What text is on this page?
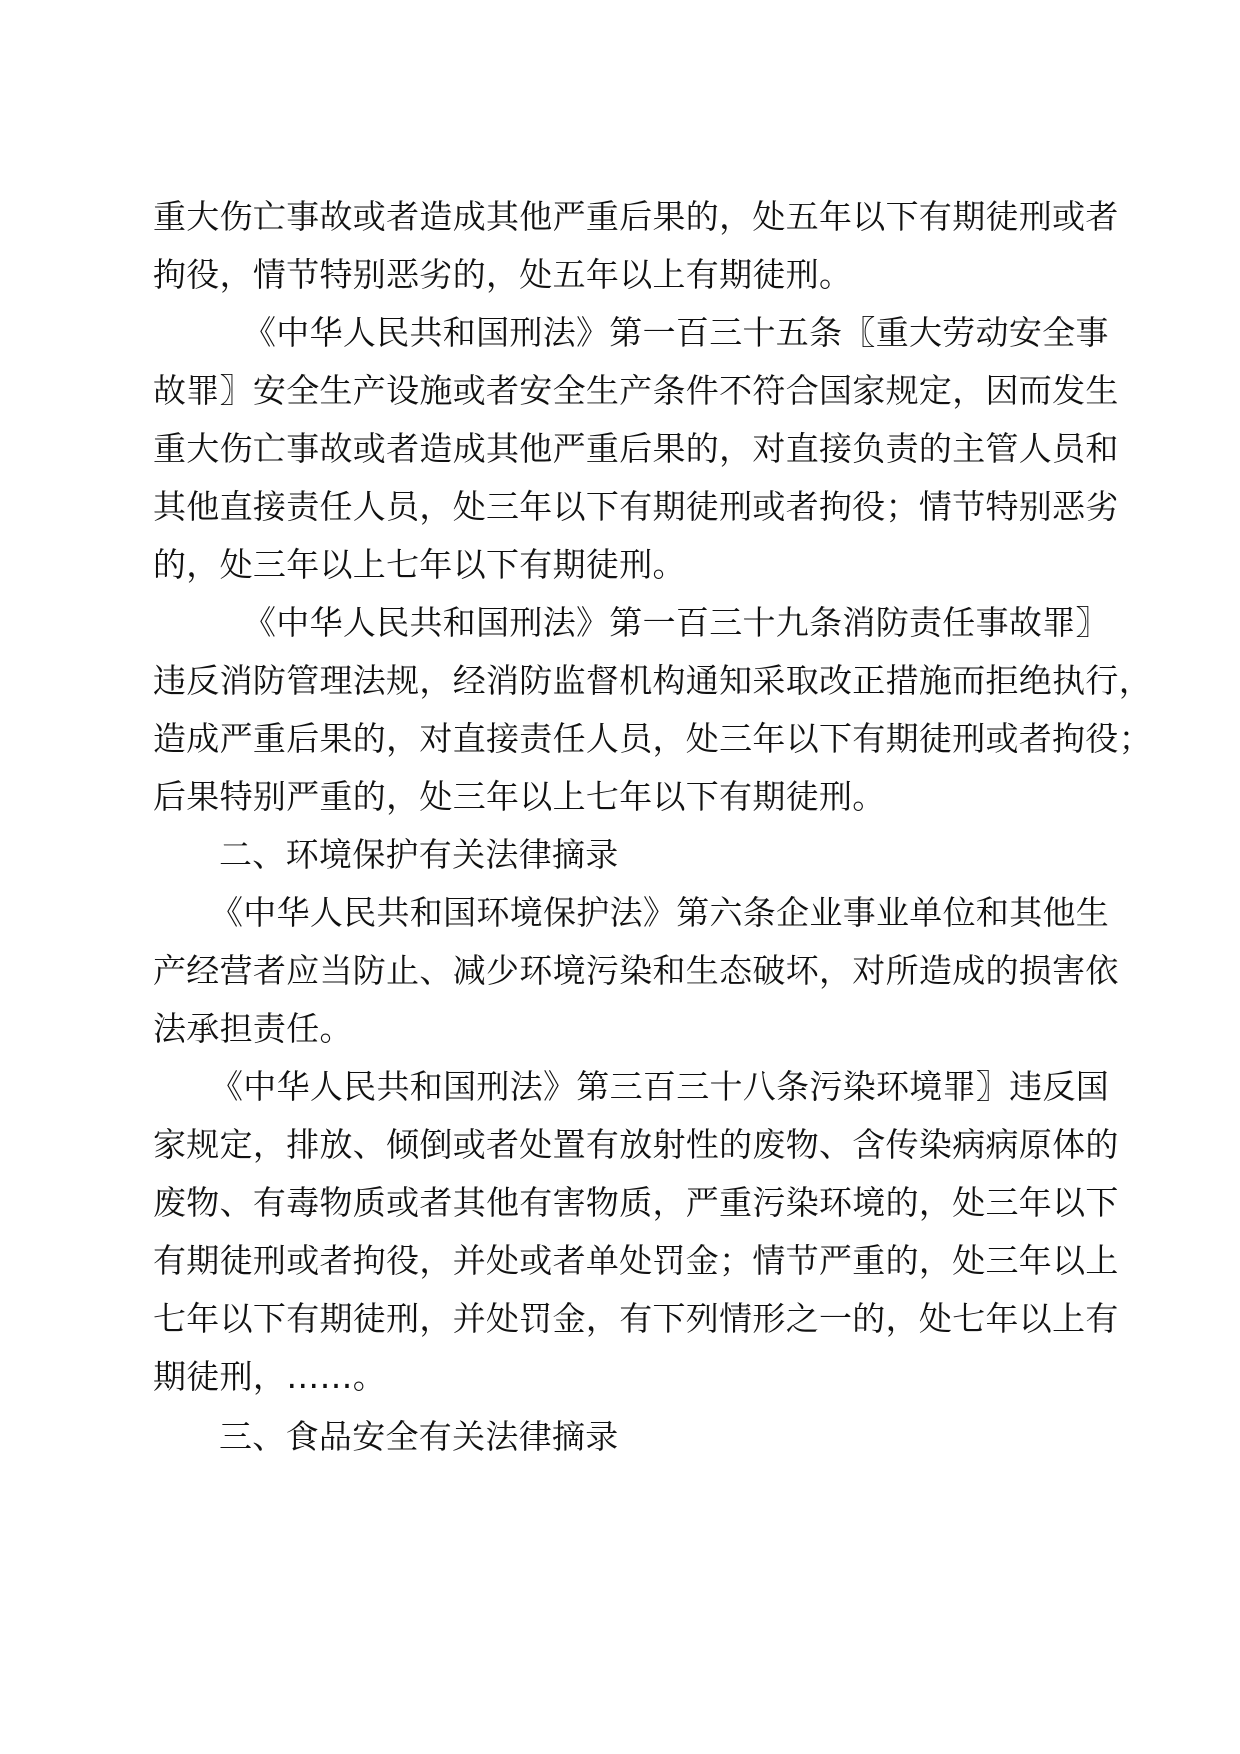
重大伤亡事故或者造成其他严重后果的，处五年以下有期徒刑或者
拘役，情节特别恶劣的，处五年以上有期徒刑。

《中华人民共和国刑法》第一百三十五条〖重大劳动安全事
故罪〗安全生产设施或者安全生产条件不符合国家规定，因而发生
重大伤亡事故或者造成其他严重后果的，对直接负责的主管人员和
其他直接责任人员，处三年以下有期徒刑或者拘役；情节特别恶劣
的，处三年以上七年以下有期徒刑。

《中华人民共和国刑法》第一百三十九条消防责任事故罪〗
违反消防管理法规，经消防监督机构通知采取改正措施而拒绝执行，
造成严重后果的，对直接责任人员，处三年以下有期徒刑或者拘役；
后果特别严重的，处三年以上七年以下有期徒刑。

二、环境保护有关法律摘录

《中华人民共和国环境保护法》第六条企业事业单位和其他生
产经营者应当防止、减少环境污染和生态破坏，对所造成的损害依
法承担责任。

《中华人民共和国刑法》第三百三十八条污染环境罪〗违反国
家规定，排放、倾倒或者处置有放射性的废物、含传染病病原体的
废物、有毒物质或者其他有害物质，严重污染环境的，处三年以下
有期徒刑或者拘役，并处或者单处罚金；情节严重的，处三年以上
七年以下有期徒刑，并处罚金，有下列情形之一的，处七年以上有
期徒刑，……。

三、食品安全有关法律摘录
